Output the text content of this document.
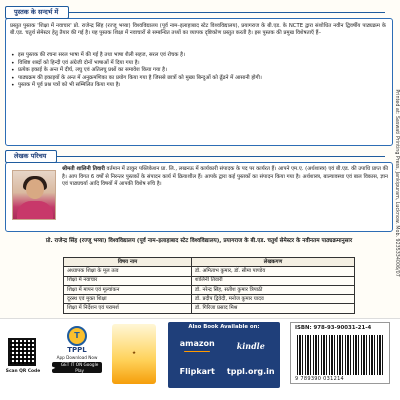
पुस्तक के सन्दर्भ में

प्रस्तुत पुस्तक 'शिक्षा में नवाचार' प्रो. राजेन्द्र सिंह (रज्जू भय्या) विश्वविद्यालय (पूर्व नाम–इलाहाबाद स्टेट विश्वविद्यालय), प्रयागराज के बी.एड. के NCTE द्वारा संशोधित नवीन द्विवर्षीय पाठ्यक्रम के बी.एड. चतुर्थ सेमेस्टर हेतु तैयार की गई है। यह पुस्तक शिक्षा में नवाचारों से सम्बन्धित तथ्यों का व्यापक दृष्टिकोण प्रस्तुत करती है। इस पुस्तक की प्रमुख विशेषताएँ हैं–

• इस पुस्तक की रचना सरल भाषा में की गई है तथा भाषा शैली सहज, सरल एवं रोचक है।
• विशिष्ट शब्दों को हिन्दी एवं अंग्रेजी दोनों भाषाओं में दिया गया है।
• प्रत्येक इकाई के अन्त में दीर्घ, लघु एवं अतिलघु प्रश्नों का समावेश किया गया है।
• पाठ्यक्रम की इकाइयों के अन्त में अनुक्रमणिका का प्रयोग किया गया है जिससे छात्रों को मुख्य बिन्दुओं को ढूँढने में आसानी होगी।
• पुस्तक में पूर्व प्रश्न पत्रों को भी सम्मिलित किया गया है।
लेखक परिचय

श्रीमती शालिनी तिवारी वर्तमान में ठाकुर पब्लिकेशन प्रा. लि., लखनऊ में कार्यकारी संपादक के पद पर कार्यरत हैं। आपने एम.ए. (अर्थशास्त्र) एवं बी.एड. की उपाधि प्राप्त की है। आप विगत 6 वर्षों से निरन्तर पुस्तकों के संपादन कार्य में क्रियाशील हैं। आपके द्वारा कई पुस्तकों का संपादन किया गया है। अर्थशास्त्र, बाल्यावस्था एवं बाल विकास, ज्ञान एवं पाठ्यचर्या आदि विषयों में आपकी विशेष रुचि है।

प्रो. राजेन्द्र सिंह (रज्जू भय्या) विश्वविद्यालय (पूर्व नाम–इलाहाबाद स्टेट विश्वविद्यालय), प्रयागराज के बी.एड. चतुर्थ सेमेस्टर के नवीनतम पाठ्यक्रमानुसार

विषय नाम	लेखकगण
अध्यापक शिक्षा के मूल तत्व	डॉ. अमिताभ कुमार, डॉ. सीमा पाण्डेय
शिक्षा में नवाचार	शालिनी तिवारी
शिक्षा में मापन एवं मूल्यांकन	डॉ. नरेन्द्र सिंह, सतीश कुमार त्रिपाठी
दूरस्थ एवं मुक्त शिक्षा	डॉ. प्रदीप द्विवेदी, मनोज कुमार यादव
शिक्षा में निर्देशन एवं परामर्श	डॉ. गिरिजा प्रसाद मिश्र
Scan QR Code
T
TPPL
App Download Now
▶
GET IT ON Google Play
★
Also Book Available on:
amazon	kindle
Flipkart	tppl.org.in
ISBN: 978-93-90031-21-4
9 789390 031214
Printed at: Saswati Printing Press, Jankipuram, Lucknow. Mob. 9235334006/07
